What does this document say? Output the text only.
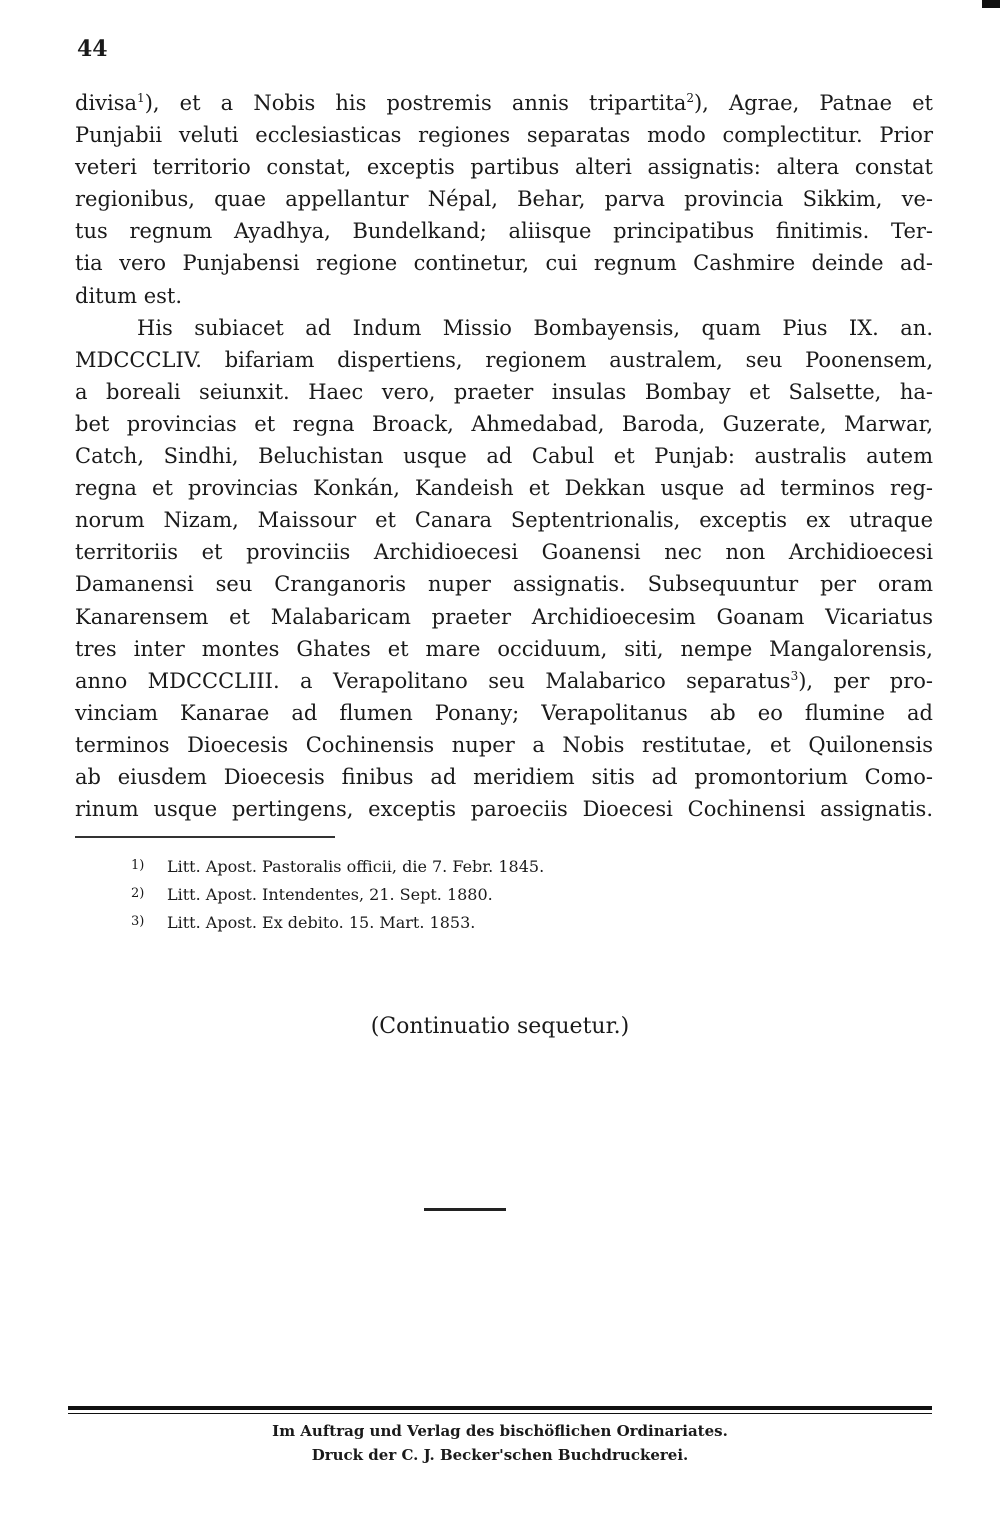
44
divisa$^1$), et a Nobis his postremis annis tripartita$^2$), Agrae, Patnae et
Punjabii veluti ecclesiasticas regiones separatas modo complectitur. Prior
veteri territorio constat, exceptis partibus alteri assignatis: altera constat
regionibus, quae appellantur Népal, Behar, parva provincia Sikkim, ve-
tus regnum Ayadhya, Bundelkand; aliisque principatibus finitimis. Ter-
tia vero Punjabensi regione continetur, cui regnum Cashmire deinde ad-
ditum est.
His subiacet ad Indum Missio Bombayensis, quam Pius IX. an.
MDCCCLIV. bifariam dispertiens, regionem australem, seu Poonensem,
a boreali seiunxit. Haec vero, praeter insulas Bombay et Salsette, ha-
bet provincias et regna Broack, Ahmedabad, Baroda, Guzerate, Marwar,
Catch, Sindhi, Beluchistan usque ad Cabul et Punjab: australis autem
regna et provincias Konkán, Kandeish et Dekkan usque ad terminos reg-
norum Nizam, Maissour et Canara Septentrionalis, exceptis ex utraque
territoriis et provinciis Archidioecesi Goanensi nec non Archidioecesi
Damanensi seu Cranganoris nuper assignatis. Subsequuntur per oram
Kanarensem et Malabaricam praeter Archidioecesim Goanam Vicariatus
tres inter montes Ghates et mare occiduum, siti, nempe Mangalorensis,
anno MDCCCLIII. a Verapolitano seu Malabarico separatus$^3$), per pro-
vinciam Kanarae ad flumen Ponany; Verapolitanus ab eo flumine ad
terminos Dioecesis Cochinensis nuper a Nobis restitutae, et Quilonensis
ab eiusdem Dioecesis finibus ad meridiem sitis ad promontorium Como-
rinum usque pertingens, exceptis paroeciis Dioecesi Cochinensi assignatis.
1) Litt. Apost. Pastoralis officii, die 7. Febr. 1845.
2) Litt. Apost. Intendentes, 21. Sept. 1880.
3) Litt. Apost. Ex debito. 15. Mart. 1853.
(Continuatio sequetur.)
Im Auftrag und Verlag des bischöflichen Ordinariates.
Druck der C. J. Becker'schen Buchdruckerei.
